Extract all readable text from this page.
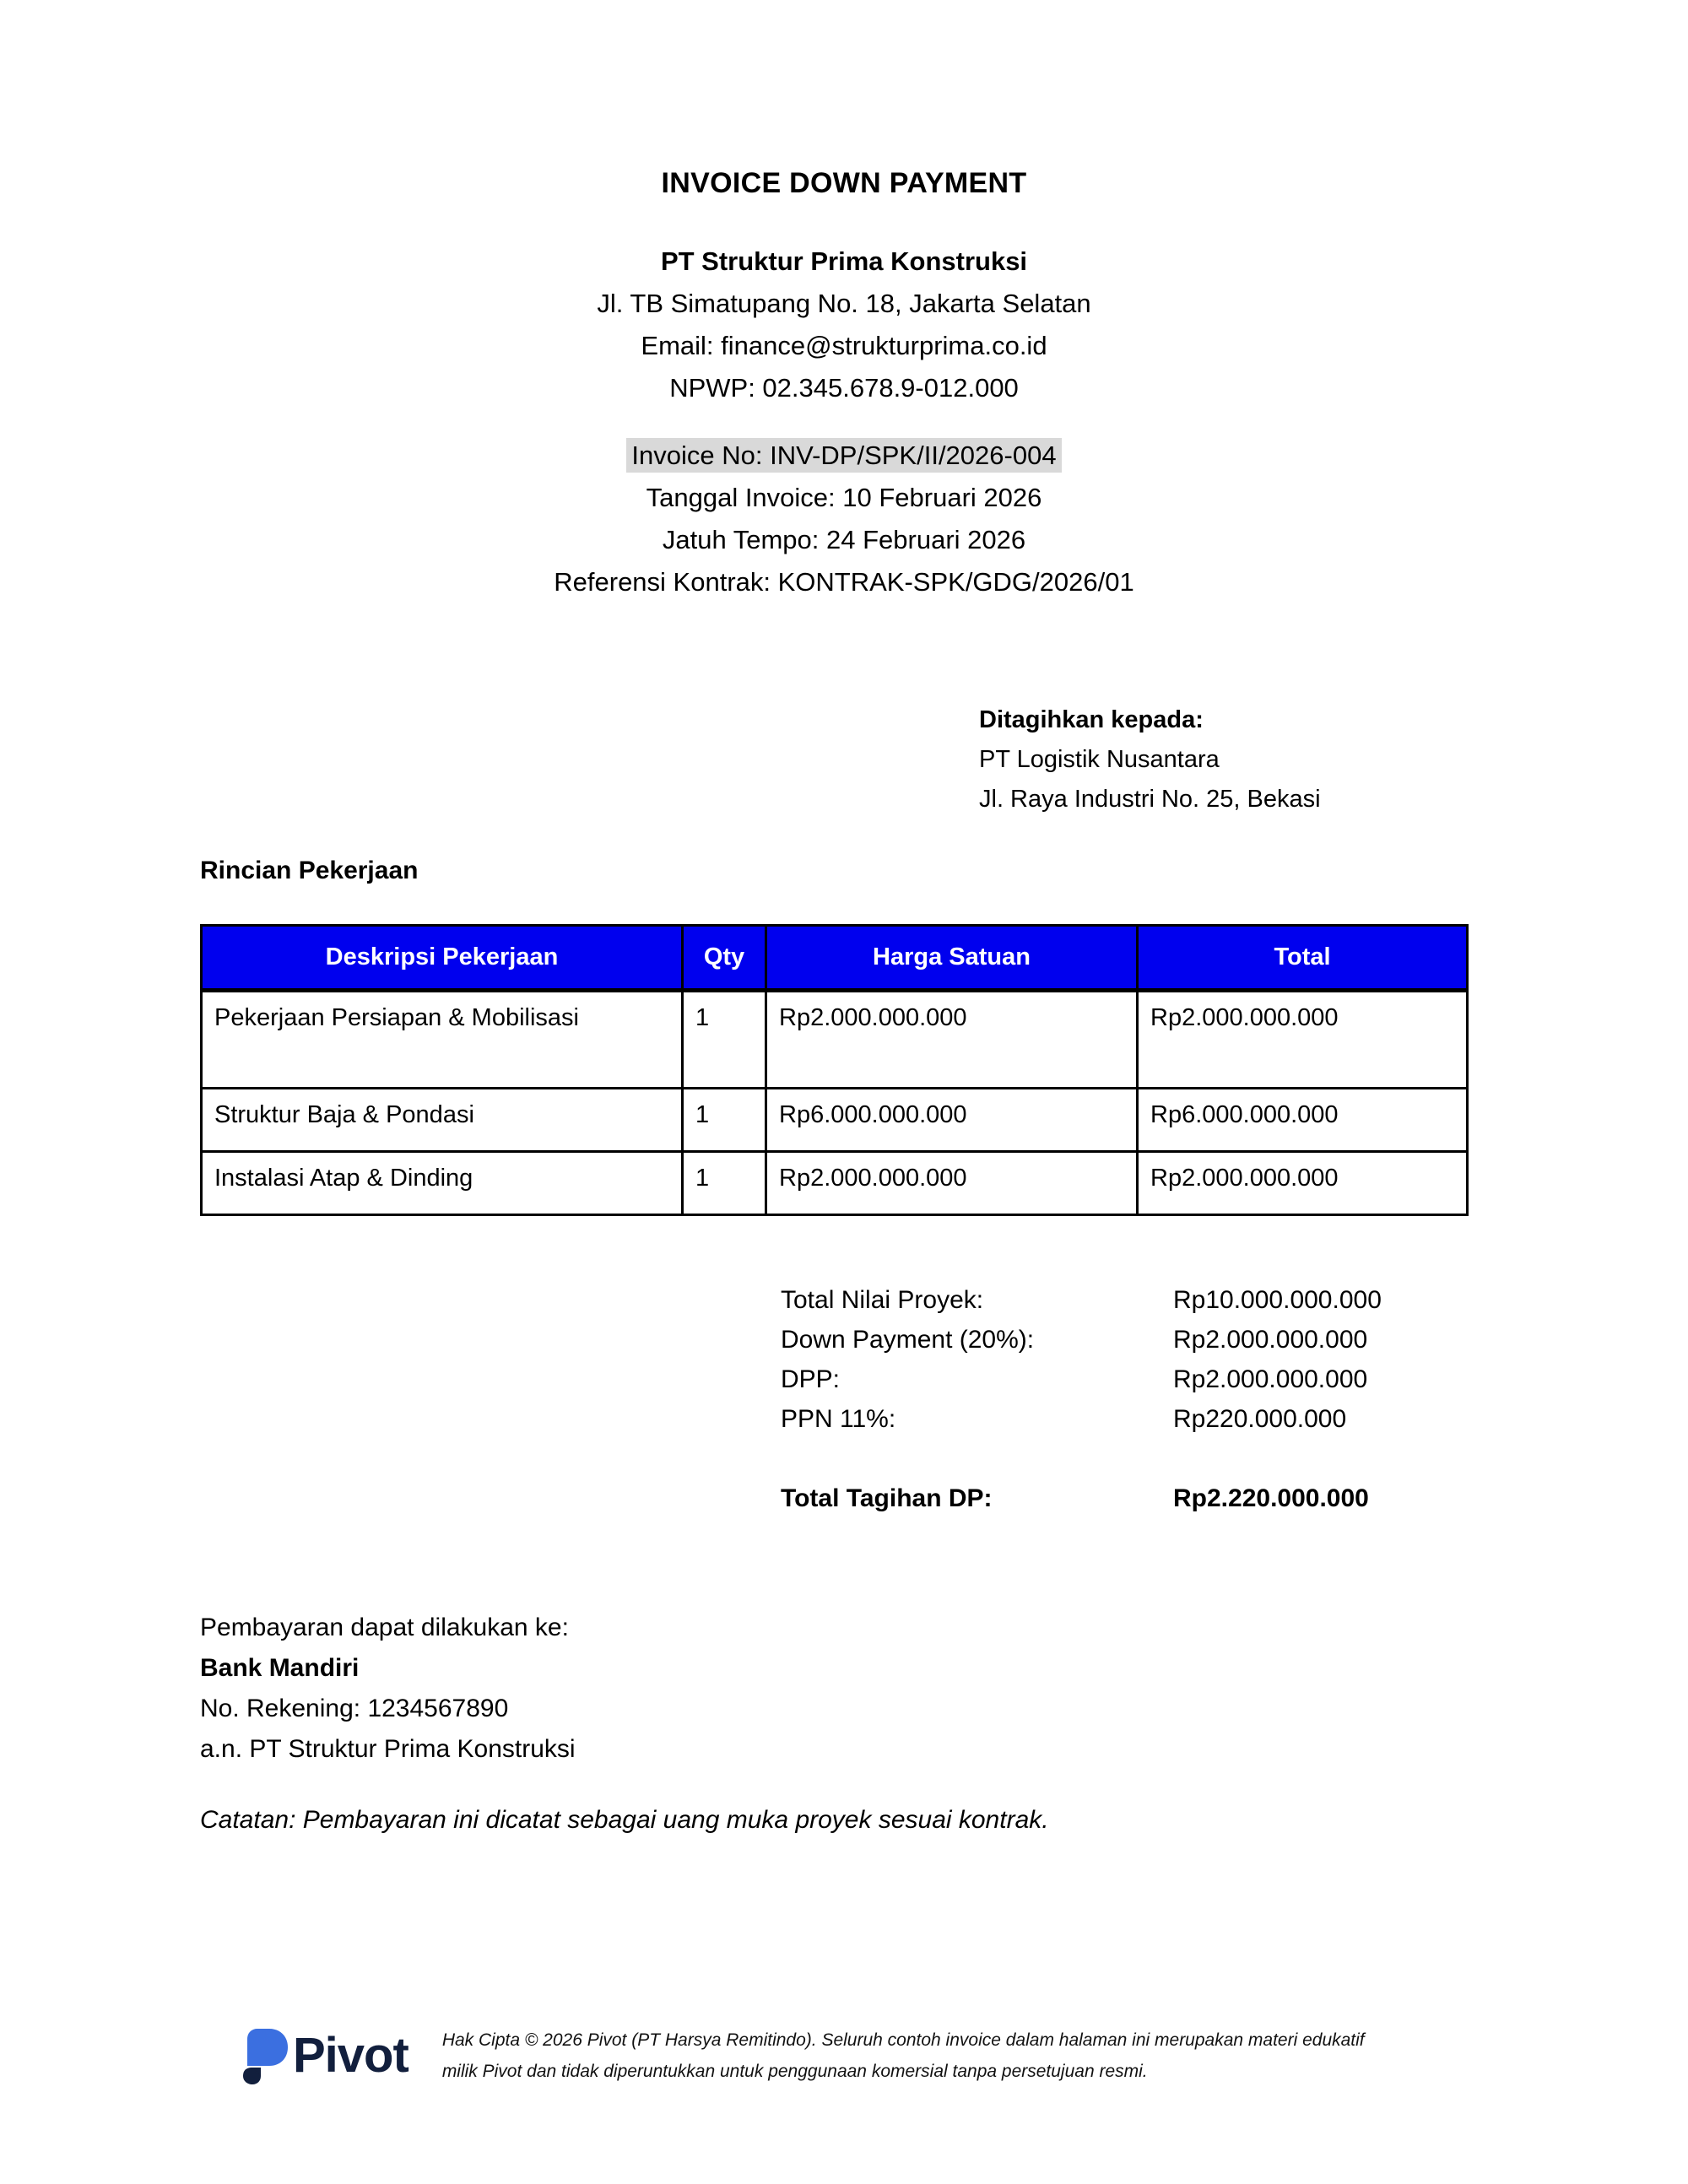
INVOICE DOWN PAYMENT
PT Struktur Prima Konstruksi
Jl. TB Simatupang No. 18, Jakarta Selatan
Email: finance@strukturprima.co.id
NPWP: 02.345.678.9-012.000
Invoice No: INV-DP/SPK/II/2026-004
Tanggal Invoice: 10 Februari 2026
Jatuh Tempo: 24 Februari 2026
Referensi Kontrak: KONTRAK-SPK/GDG/2026/01
Ditagihkan kepada:
PT Logistik Nusantara
Jl. Raya Industri No. 25, Bekasi
Rincian Pekerjaan
Deskripsi Pekerjaan	Qty	Harga Satuan	Total
Pekerjaan Persiapan & Mobilisasi	1	Rp2.000.000.000	Rp2.000.000.000
Struktur Baja & Pondasi	1	Rp6.000.000.000	Rp6.000.000.000
Instalasi Atap & Dinding	1	Rp2.000.000.000	Rp2.000.000.000
Total Nilai Proyek:	Rp10.000.000.000
Down Payment (20%):	Rp2.000.000.000
DPP:	Rp2.000.000.000
PPN 11%:	Rp220.000.000
Total Tagihan DP:	Rp2.220.000.000
Pembayaran dapat dilakukan ke:
Bank Mandiri
No. Rekening: 1234567890
a.n. PT Struktur Prima Konstruksi
Catatan: Pembayaran ini dicatat sebagai uang muka proyek sesuai kontrak.
Pivot Hak Cipta © 2026 Pivot (PT Harsya Remitindo). Seluruh contoh invoice dalam halaman ini merupakan materi edukatif
milik Pivot dan tidak diperuntukkan untuk penggunaan komersial tanpa persetujuan resmi.
